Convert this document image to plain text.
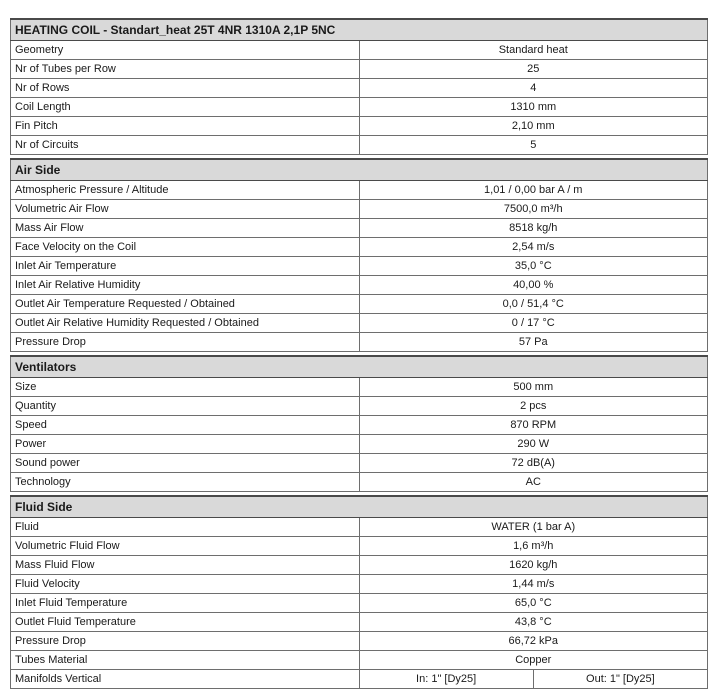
HEATING COIL - Standart_heat 25T 4NR 1310A 2,1P 5NC	
Geometry	Standard heat
Nr of Tubes per Row	25
Nr of Rows	4
Coil Length	1310 mm
Fin Pitch	2,10 mm
Nr of Circuits	5

Air Side	
Atmospheric Pressure / Altitude	1,01 / 0,00 bar A / m
Volumetric Air Flow	7500,0 m³/h
Mass Air Flow	8518 kg/h
Face Velocity on the Coil	2,54 m/s
Inlet Air Temperature	35,0 °C
Inlet Air Relative Humidity	40,00 %
Outlet Air Temperature Requested / Obtained	0,0 / 51,4 °C
Outlet Air Relative Humidity Requested / Obtained	0 / 17 °C
Pressure Drop	57 Pa

Ventilators	
Size	500 mm
Quantity	2 pcs
Speed	870 RPM
Power	290 W
Sound power	72 dB(A)
Technology	AC

Fluid Side	
Fluid	WATER (1 bar A)
Volumetric Fluid Flow	1,6 m³/h
Mass Fluid Flow	1620 kg/h
Fluid Velocity	1,44 m/s
Inlet Fluid Temperature	65,0 °C
Outlet Fluid Temperature	43,8 °C
Pressure Drop	66,72 kPa
Tubes Material	Copper
Manifolds Vertical	In: 1" [Dy25] Out: 1" [Dy25]
